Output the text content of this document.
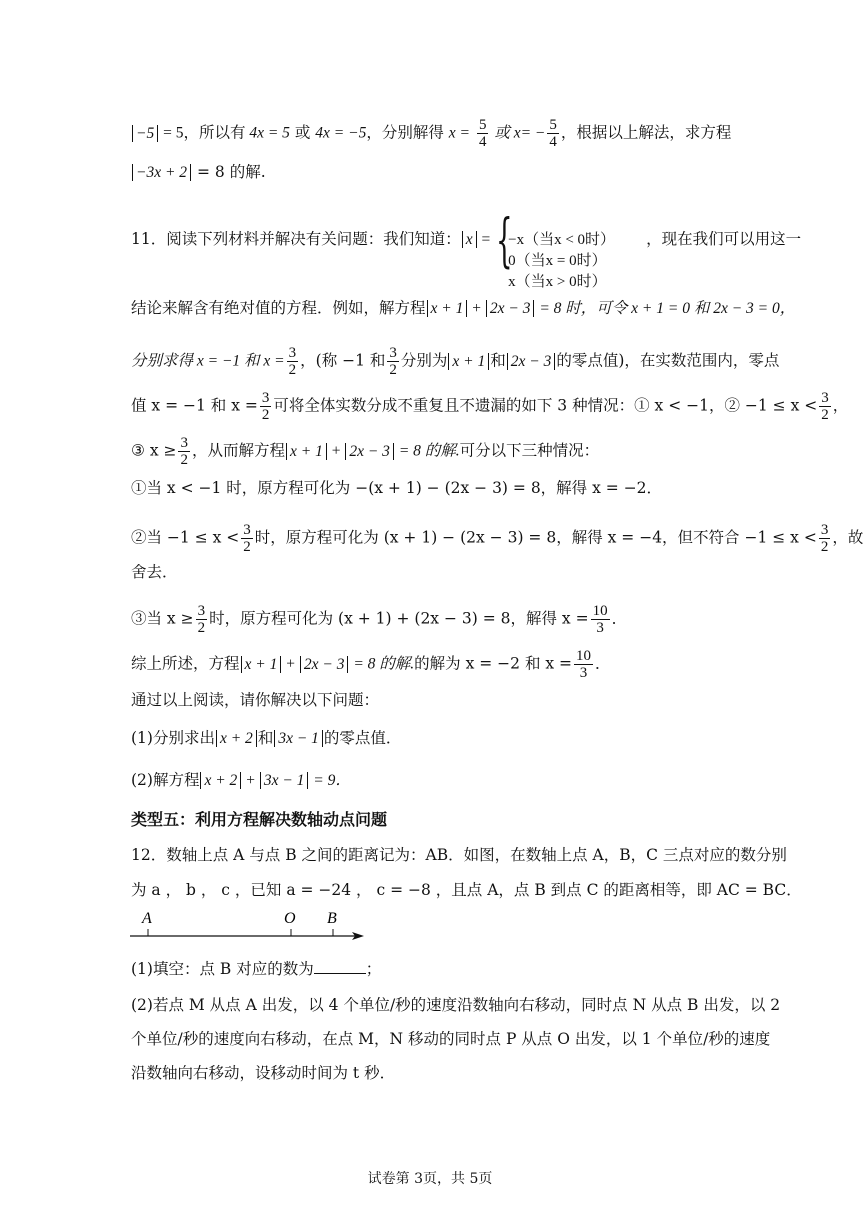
−5 = 5，所以有 4x = 5 或 4x = −5，分别解得 $x = \frac{5}{4}$ 或 $x= - \frac{5}{4}$ ，根据以上解法，求方程
−3x + 2 = 8 的解.
11．阅读下列材料并解决有关问题：我们知道： x = {
−x（当x < 0时）
0（当x = 0时）
x（当x > 0时）
，现在我们可以用这一
结论来解含有绝对值的方程．例如，解方程 x + 1 + 2x − 3 = 8 时，可令 x + 1 = 0 和 2x − 3 = 0，
分别求得 x = −1 和 $x = \frac{3}{2}$ ，(称 −1 和 $\frac{3}{2}$ 分别为 x + 1 和 2x − 3 的零点值)，在实数范围内，零点
值 x = −1 和 $x = \frac{3}{2}$ 可将全体实数分成不重复且不遗漏的如下 3 种情况：① x < −1，② $-1 \le x < \frac{3}{2}$ ，
③ $x \ge \frac{3}{2}$ ，从而解方程 x + 1 + 2x − 3 = 8 的解.可分以下三种情况：
①当 x < −1 时，原方程可化为 −(x + 1) − (2x − 3) = 8，解得 x = −2．
②当 $-1 \le x < \frac{3}{2}$ 时，原方程可化为 (x + 1) − (2x − 3) = 8，解得 x = −4，但不符合 $-1 \le x < \frac{3}{2}$ ，故
舍去．
③当 $x \ge \frac{3}{2}$ 时，原方程可化为 (x + 1) + (2x − 3) = 8，解得 $x = \frac{10}{3}$ ．
综上所述，方程 x + 1 + 2x − 3 = 8 的解.的解为 x = −2 和 $x = \frac{10}{3}$ ．
通过以上阅读，请你解决以下问题：
(1)分别求出 x + 2 和 3x − 1 的零点值．
(2)解方程 x + 2 + 3x − 1 = 9．
类型五：利用方程解决数轴动点问题
12．数轴上点 A 与点 B 之间的距离记为：AB．如图，在数轴上点 A，B，C 三点对应的数分别
为 a ， b ， c ，已知 a = −24 ， c = −8 ，且点 A，点 B 到点 C 的距离相等，即 AC = BC．
A	O B
(1)填空：点 B 对应的数为	；
(2)若点 M 从点 A 出发，以 4 个单位/秒的速度沿数轴向右移动，同时点 N 从点 B 出发，以 2
个单位/秒的速度向右移动，在点 M，N 移动的同时点 P 从点 O 出发，以 1 个单位/秒的速度
沿数轴向右移动，设移动时间为 t 秒．
试卷第 3页，共 5页
